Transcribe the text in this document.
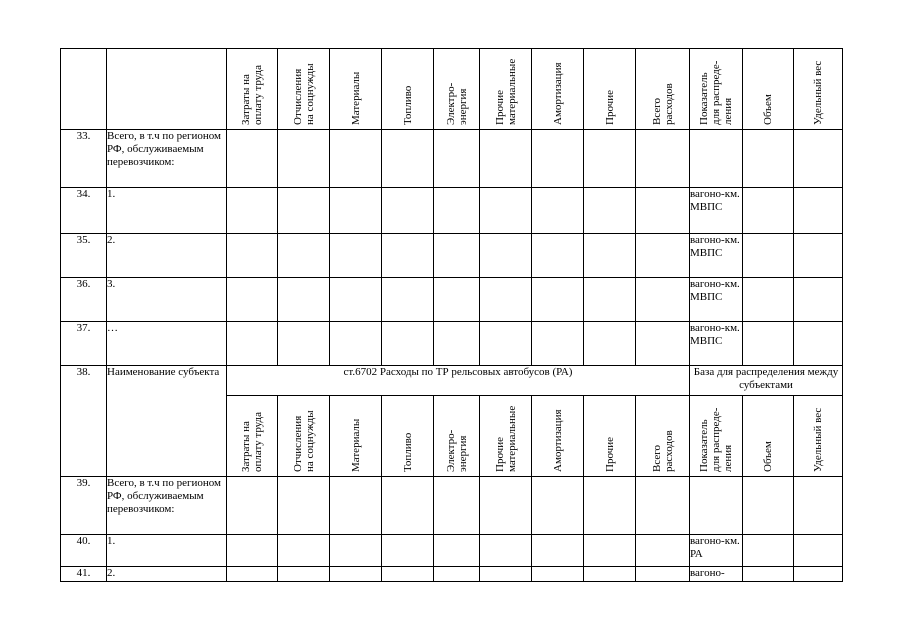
		Затраты на оплату труда	Отчисления на соцнужды	Материалы	Топливо	Электро- энергия	Прочие материальные	Амортизация	Прочие	Всего расходов	Показатель для распреде- ления	Объем	Удельный вес

33.	Всего, в т.ч по регионом РФ, обслуживаемым перевозчиком:												
34.	1.										вагоно-км. МВПС		
35.	2.										вагоно-км. МВПС		
36.	3.										вагоно-км. МВПС		
37.	…										вагоно-км. МВПС		
38.	Наименование субъекта	ст.6702 Расходы по ТР рельсовых автобусов (РА)									База для распределения между субъектами		

		Затраты на оплату труда	Отчисления на соцнужды	Материалы	Топливо	Электро- энергия	Прочие материальные	Амортизация	Прочие	Всего расходов	Показатель для распреде- ления	Объем	Удельный вес

39.	Всего, в т.ч по регионом РФ, обслуживаемым перевозчиком:												
40.	1.										вагоно-км. РА		
41.	2.										вагоно-		
